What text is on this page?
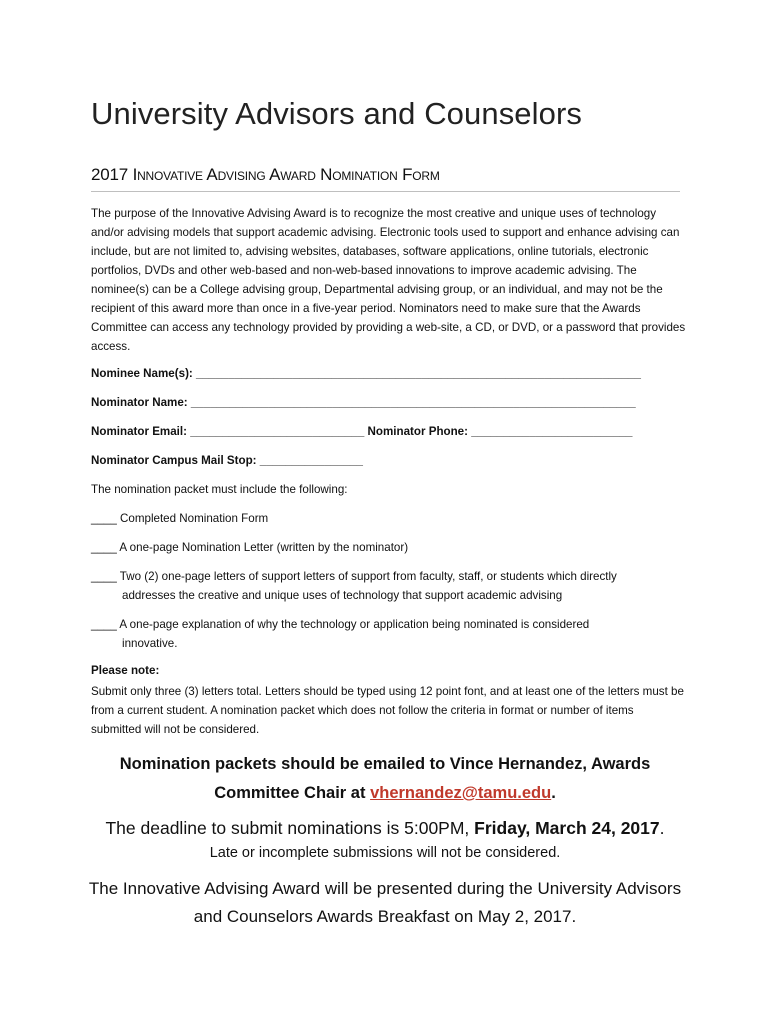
University Advisors and Counselors
2017 Innovative Advising Award Nomination Form
The purpose of the Innovative Advising Award is to recognize the most creative and unique uses of technology and/or advising models that support academic advising. Electronic tools used to support and enhance advising can include, but are not limited to, advising websites, databases, software applications, online tutorials, electronic portfolios, DVDs and other web-based and non-web-based innovations to improve academic advising. The nominee(s) can be a College advising group, Departmental advising group, or an individual, and may not be the recipient of this award more than once in a five-year period. Nominators need to make sure that the Awards Committee can access any technology provided by providing a web-site, a CD, or DVD, or a password that provides access.
Nominee Name(s): _____________________________________________________________________
Nominator Name: _____________________________________________________________________
Nominator Email: ___________________________ Nominator Phone: _________________________
Nominator Campus Mail Stop: ________________
The nomination packet must include the following:
____ Completed Nomination Form
____ A one-page Nomination Letter (written by the nominator)
____ Two (2) one-page letters of support letters of support from faculty, staff, or students which directly
addresses the creative and unique uses of technology that support academic advising
____ A one-page explanation of why the technology or application being nominated is considered
innovative.
Please note:
Submit only three (3) letters total. Letters should be typed using 12 point font, and at least one of the letters must be from a current student. A nomination packet which does not follow the criteria in format or number of items submitted will not be considered.
Nomination packets should be emailed to Vince Hernandez, Awards
Committee Chair at vhernandez@tamu.edu.
The deadline to submit nominations is 5:00PM, Friday, March 24, 2017.
Late or incomplete submissions will not be considered.
The Innovative Advising Award will be presented during the University Advisors and Counselors Awards Breakfast on May 2, 2017.
